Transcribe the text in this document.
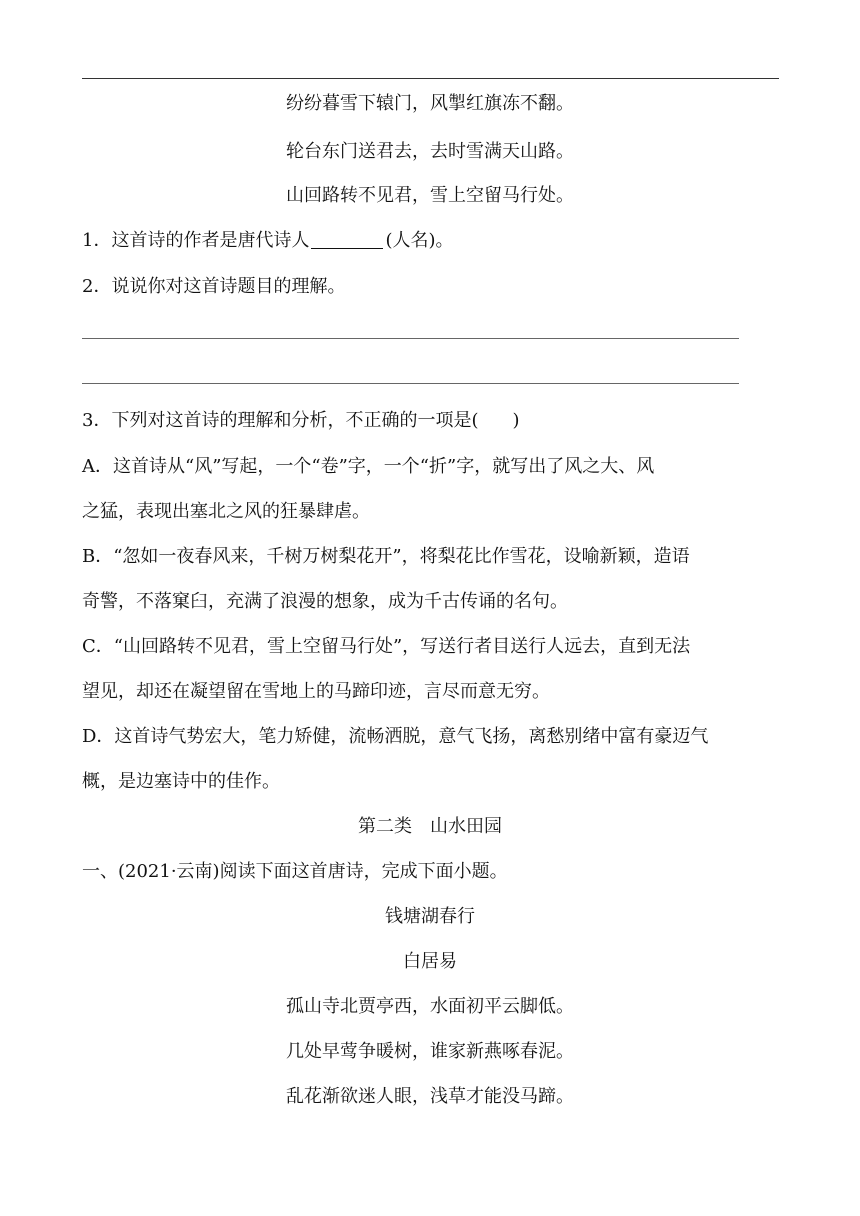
纷纷暮雪下辕门，风掣红旗冻不翻。
轮台东门送君去，去时雪满天山路。
山回路转不见君，雪上空留马行处。
1．这首诗的作者是唐代诗人	(人名)。
2．说说你对这首诗题目的理解。
3．下列对这首诗的理解和分析，不正确的一项是( )
A．这首诗从“风”写起，一个“卷”字，一个“折”字，就写出了风之大、风
之猛，表现出塞北之风的狂暴肆虐。
B．“忽如一夜春风来，千树万树梨花开”，将梨花比作雪花，设喻新颖，造语
奇警，不落窠臼，充满了浪漫的想象，成为千古传诵的名句。
C．“山回路转不见君，雪上空留马行处”，写送行者目送行人远去，直到无法
望见，却还在凝望留在雪地上的马蹄印迹，言尽而意无穷。
D．这首诗气势宏大，笔力矫健，流畅洒脱，意气飞扬，离愁别绪中富有豪迈气
概，是边塞诗中的佳作。
第二类　山水田园
一、(2021·云南)阅读下面这首唐诗，完成下面小题。
钱塘湖春行
白居易
孤山寺北贾亭西，水面初平云脚低。
几处早莺争暖树，谁家新燕啄春泥。
乱花渐欲迷人眼，浅草才能没马蹄。
